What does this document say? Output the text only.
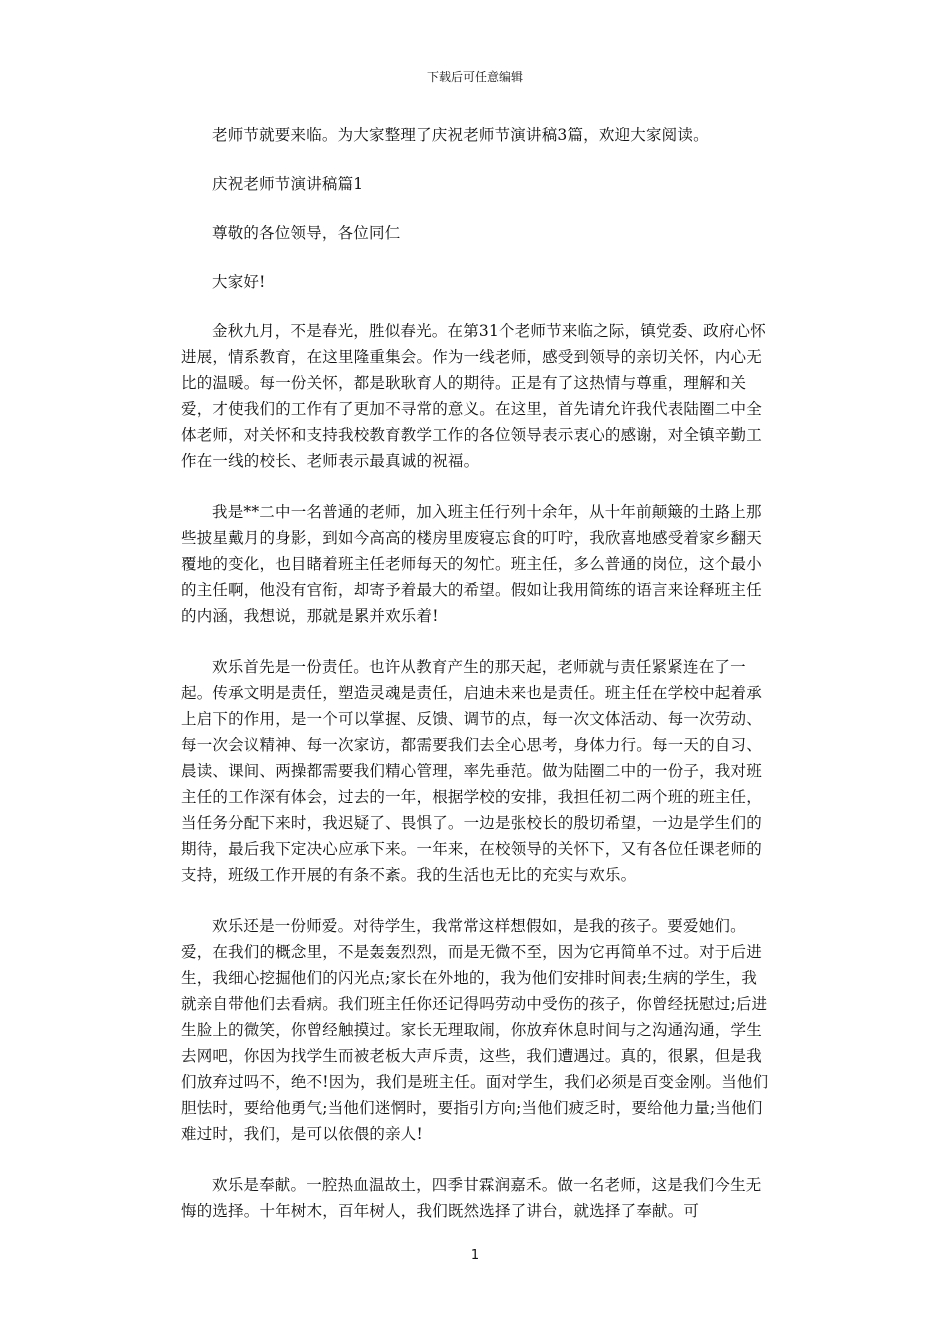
下载后可任意编辑

老师节就要来临。为大家整理了庆祝老师节演讲稿3篇，欢迎大家阅读。

庆祝老师节演讲稿篇1

尊敬的各位领导，各位同仁

大家好!

金秋九月，不是春光，胜似春光。在第31个老师节来临之际，镇党委、政府心怀进展，情系教育，在这里隆重集会。作为一线老师，感受到领导的亲切关怀，内心无比的温暖。每一份关怀，都是耿耿育人的期待。正是有了这热情与尊重，理解和关爱，才使我们的工作有了更加不寻常的意义。在这里，首先请允许我代表陆圈二中全体老师，对关怀和支持我校教育教学工作的各位领导表示衷心的感谢，对全镇辛勤工作在一线的校长、老师表示最真诚的祝福。

我是**二中一名普通的老师，加入班主任行列十余年，从十年前颠簸的土路上那些披星戴月的身影，到如今高高的楼房里废寝忘食的叮咛，我欣喜地感受着家乡翻天覆地的变化，也目睹着班主任老师每天的匆忙。班主任，多么普通的岗位，这个最小的主任啊，他没有官衔，却寄予着最大的希望。假如让我用简练的语言来诠释班主任的内涵，我想说，那就是累并欢乐着!

欢乐首先是一份责任。也许从教育产生的那天起，老师就与责任紧紧连在了一起。传承文明是责任，塑造灵魂是责任，启迪未来也是责任。班主任在学校中起着承上启下的作用，是一个可以掌握、反馈、调节的点，每一次文体活动、每一次劳动、每一次会议精神、每一次家访，都需要我们去全心思考，身体力行。每一天的自习、晨读、课间、两操都需要我们精心管理，率先垂范。做为陆圈二中的一份子，我对班主任的工作深有体会，过去的一年，根据学校的安排，我担任初二两个班的班主任，当任务分配下来时，我迟疑了、畏惧了。一边是张校长的殷切希望，一边是学生们的期待，最后我下定决心应承下来。一年来，在校领导的关怀下，又有各位任课老师的支持，班级工作开展的有条不紊。我的生活也无比的充实与欢乐。

欢乐还是一份师爱。对待学生，我常常这样想假如，是我的孩子。要爱她们。爱，在我们的概念里，不是轰轰烈烈，而是无微不至，因为它再简单不过。对于后进生，我细心挖掘他们的闪光点;家长在外地的，我为他们安排时间表;生病的学生，我就亲自带他们去看病。我们班主任你还记得吗劳动中受伤的孩子，你曾经抚慰过;后进生脸上的微笑，你曾经触摸过。家长无理取闹，你放弃休息时间与之沟通沟通，学生去网吧，你因为找学生而被老板大声斥责，这些，我们遭遇过。真的，很累，但是我们放弃过吗不，绝不!因为，我们是班主任。面对学生，我们必须是百变金刚。当他们胆怯时，要给他勇气;当他们迷惘时，要指引方向;当他们疲乏时，要给他力量;当他们难过时，我们，是可以依偎的亲人!

欢乐是奉献。一腔热血温故土，四季甘霖润嘉禾。做一名老师，这是我们今生无悔的选择。十年树木，百年树人，我们既然选择了讲台，就选择了奉献。可

1
